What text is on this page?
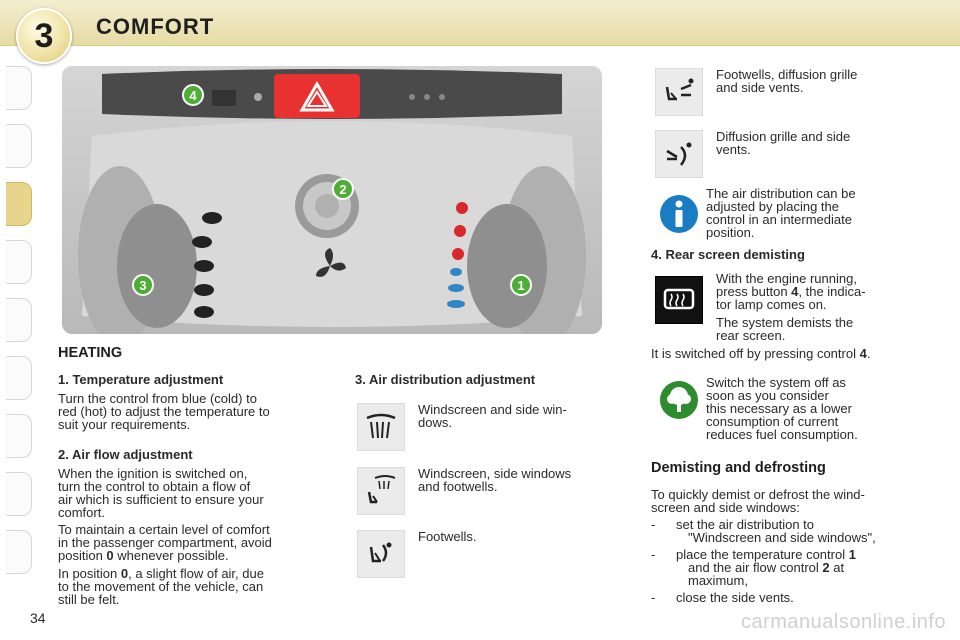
3	COMFORT
4
2
3	1
HEATING
1. Temperature adjustment
Turn the control from blue (cold) to
red (hot) to adjust the temperature to
suit your requirements.
2. Air flow adjustment
When the ignition is switched on,
turn the control to obtain a flow of
air which is sufficient to ensure your
comfort.
To maintain a certain level of comfort
in the passenger compartment, avoid
position 0 whenever possible.
In position 0, a slight flow of air, due
to the movement of the vehicle, can
still be felt.
3. Air distribution adjustment
Windscreen and side win-
dows.
Windscreen, side windows
and footwells.
Footwells.
Footwells, diffusion grille
and side vents.
Diffusion grille and side
vents.
The air distribution can be
adjusted by placing the
control in an intermediate
position.
4. Rear screen demisting
With the engine running,
press button 4, the indica-
tor lamp comes on.
The system demists the
rear screen.
It is switched off by pressing control 4.
Switch the system off as
soon as you consider
this necessary as a lower
consumption of current
reduces fuel consumption.
Demisting and defrosting
To quickly demist or defrost the wind-
screen and side windows:
- set the air distribution to
"Windscreen and side windows",
- place the temperature control 1
and the air flow control 2 at
maximum,
- close the side vents.
34	carmanualsonline.info
